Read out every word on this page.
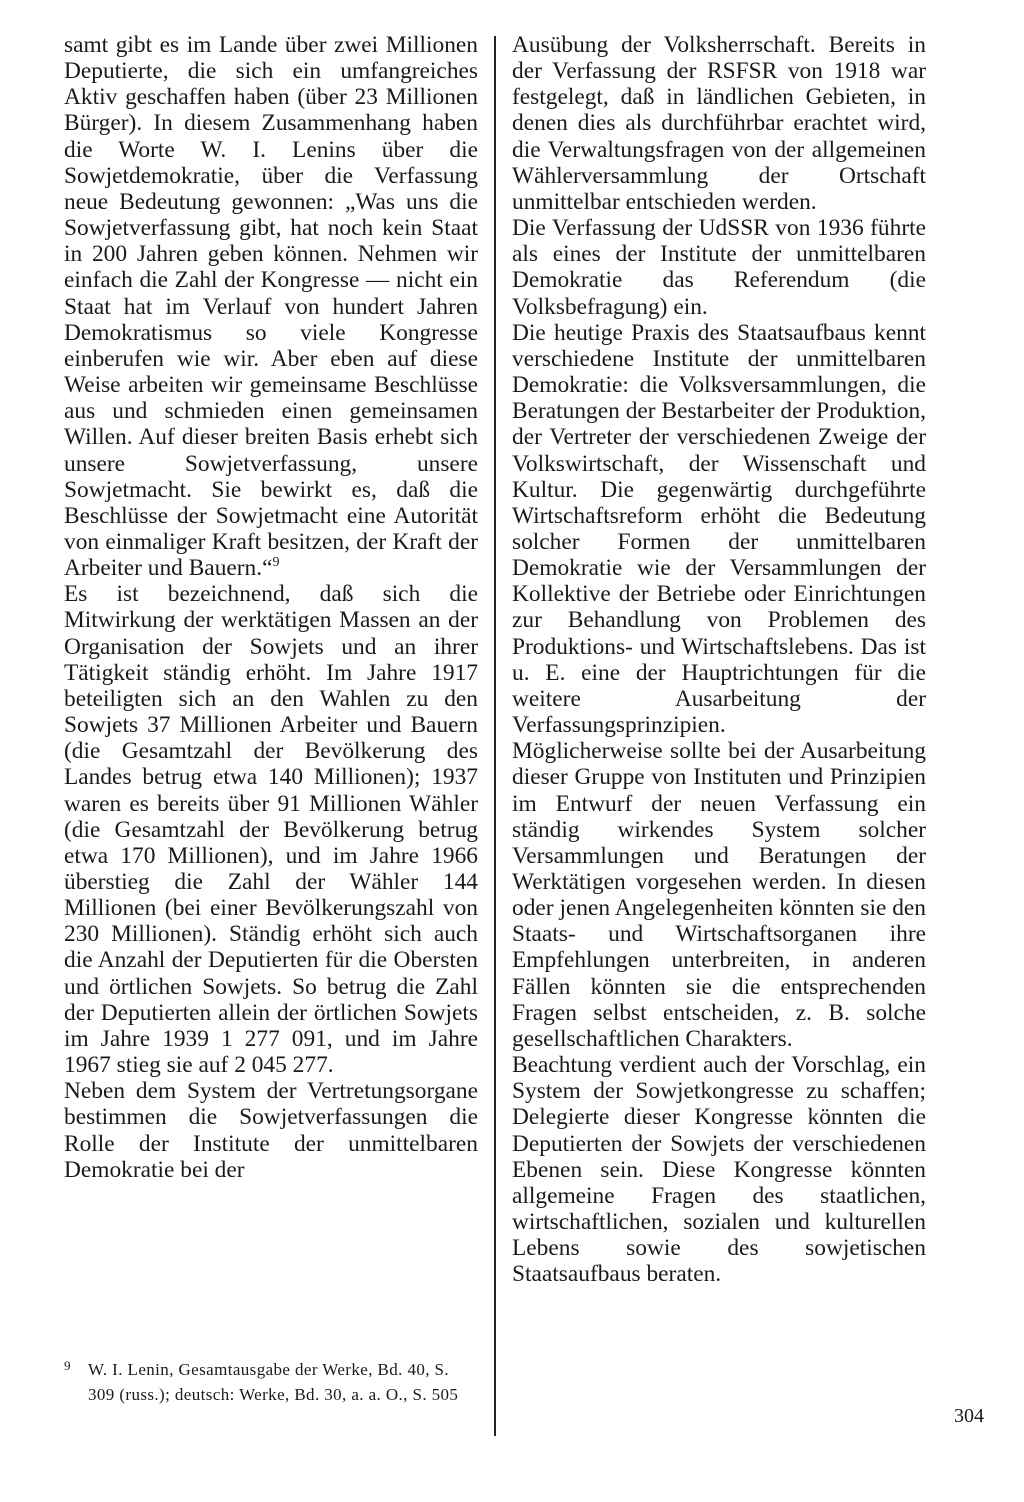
samt gibt es im Lande über zwei Millionen Deputierte, die sich ein umfangreiches Aktiv geschaffen haben (über 23 Millionen Bürger). In diesem Zusammenhang haben die Worte W. I. Lenins über die Sowjetdemokratie, über die Verfassung neue Bedeutung gewonnen: „Was uns die Sowjetverfassung gibt, hat noch kein Staat in 200 Jahren geben können. Nehmen wir einfach die Zahl der Kongresse — nicht ein Staat hat im Verlauf von hundert Jahren Demokratismus so viele Kongresse einberufen wie wir. Aber eben auf diese Weise arbeiten wir gemeinsame Beschlüsse aus und schmieden einen gemeinsamen Willen. Auf dieser breiten Basis erhebt sich unsere Sowjetverfassung, unsere Sowjetmacht. Sie bewirkt es, daß die Beschlüsse der Sowjetmacht eine Autorität von einmaliger Kraft besitzen, der Kraft der Arbeiter und Bauern.“$^9$

Es ist bezeichnend, daß sich die Mitwirkung der werktätigen Massen an der Organisation der Sowjets und an ihrer Tätigkeit ständig erhöht. Im Jahre 1917 beteiligten sich an den Wahlen zu den Sowjets 37 Millionen Arbeiter und Bauern (die Gesamtzahl der Bevölkerung des Landes betrug etwa 140 Millionen); 1937 waren es bereits über 91 Millionen Wähler (die Gesamtzahl der Bevölkerung betrug etwa 170 Millionen), und im Jahre 1966 überstieg die Zahl der Wähler 144 Millionen (bei einer Bevölkerungszahl von 230 Millionen). Ständig erhöht sich auch die Anzahl der Deputierten für die Obersten und örtlichen Sowjets. So betrug die Zahl der Deputierten allein der örtlichen Sowjets im Jahre 1939 1 277 091, und im Jahre 1967 stieg sie auf 2 045 277.

Neben dem System der Vertretungsorgane bestimmen die Sowjetverfassungen die Rolle der Institute der unmittelbaren Demokratie bei der

Ausübung der Volksherrschaft. Bereits in der Verfassung der RSFSR von 1918 war festgelegt, daß in ländlichen Gebieten, in denen dies als durchführbar erachtet wird, die Verwaltungsfragen von der allgemeinen Wählerversammlung der Ortschaft unmittelbar entschieden werden.

Die Verfassung der UdSSR von 1936 führte als eines der Institute der unmittelbaren Demokratie das Referendum (die Volksbefragung) ein.

Die heutige Praxis des Staatsaufbaus kennt verschiedene Institute der unmittelbaren Demokratie: die Volksversammlungen, die Beratungen der Bestarbeiter der Produktion, der Vertreter der verschiedenen Zweige der Volkswirtschaft, der Wissenschaft und Kultur. Die gegenwärtig durchgeführte Wirtschaftsreform erhöht die Bedeutung solcher Formen der unmittelbaren Demokratie wie der Versammlungen der Kollektive der Betriebe oder Einrichtungen zur Behandlung von Problemen des Produktions- und Wirtschaftslebens. Das ist u. E. eine der Hauptrichtungen für die weitere Ausarbeitung der Verfassungsprinzipien.

Möglicherweise sollte bei der Ausarbeitung dieser Gruppe von Instituten und Prinzipien im Entwurf der neuen Verfassung ein ständig wirkendes System solcher Versammlungen und Beratungen der Werktätigen vorgesehen werden. In diesen oder jenen Angelegenheiten könnten sie den Staats- und Wirtschaftsorganen ihre Empfehlungen unterbreiten, in anderen Fällen könnten sie die entsprechenden Fragen selbst entscheiden, z. B. solche gesellschaftlichen Charakters.

Beachtung verdient auch der Vorschlag, ein System der Sowjetkongresse zu schaffen; Delegierte dieser Kongresse könnten die Deputierten der Sowjets der verschiedenen Ebenen sein. Diese Kongresse könnten allgemeine Fragen des staatlichen, wirtschaftlichen, sozialen und kulturellen Lebens sowie des sowjetischen Staatsaufbaus beraten.

9 W. I. Lenin, Gesamtausgabe der Werke, Bd. 40, S. 309 (russ.); deutsch: Werke, Bd. 30, a. a. O., S. 505
304
